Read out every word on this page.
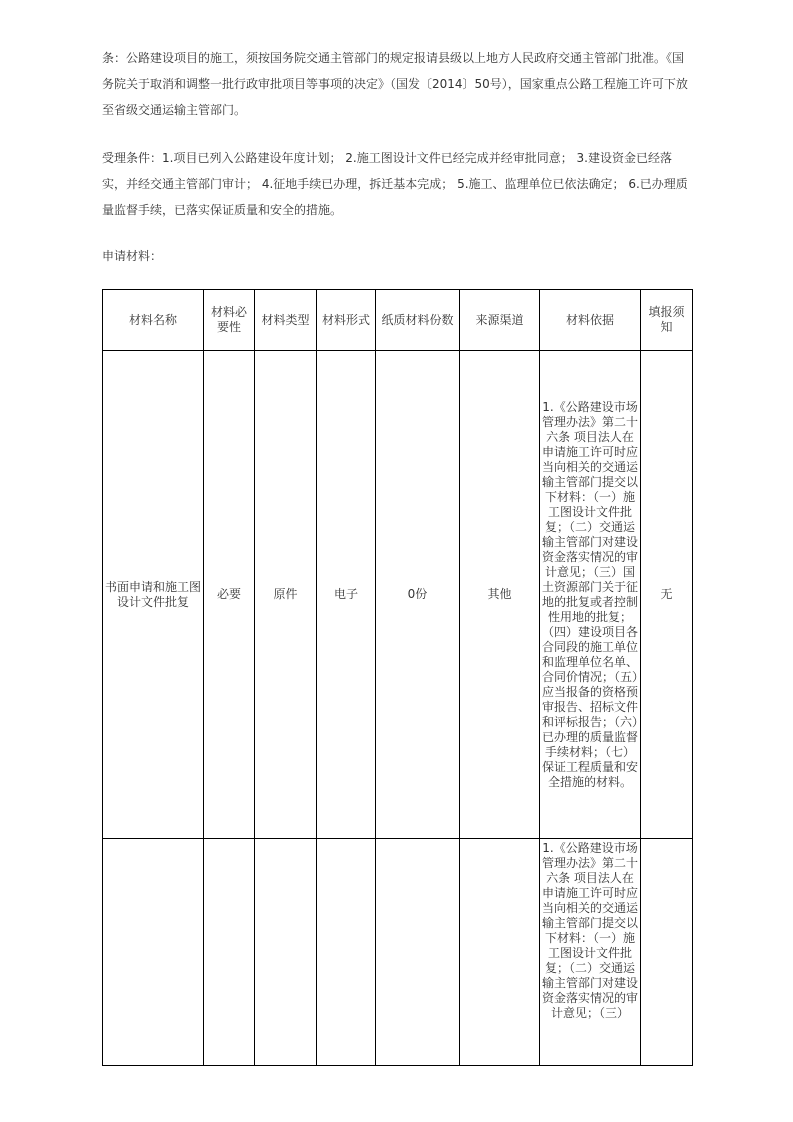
条：公路建设项目的施工，须按国务院交通主管部门的规定报请县级以上地方人民政府交通主管部门批准。《国务院关于取消和调整一批行政审批项目等事项的决定》（国发〔2014〕50号），国家重点公路工程施工许可下放至省级交通运输主管部门。

受理条件：1.项目已列入公路建设年度计划； 2.施工图设计文件已经完成并经审批同意； 3.建设资金已经落实，并经交通主管部门审计； 4.征地手续已办理，拆迁基本完成； 5.施工、监理单位已依法确定； 6.已办理质量监督手续，已落实保证质量和安全的措施。

申请材料：

材料名称	材料必要性	材料类型	材料形式	纸质材料份数	来源渠道	材料依据	填报须知
书面申请和施工图设计文件批复	必要	原件	电子	0份	其他	1.《公路建设市场管理办法》第二十六条 项目法人在申请施工许可时应当向相关的交通运输主管部门提交以下材料：（一）施工图设计文件批复；（二）交通运输主管部门对建设资金落实情况的审计意见；（三）国土资源部门关于征地的批复或者控制性用地的批复；（四）建设项目各合同段的施工单位和监理单位名单、合同价情况；（五）应当报备的资格预审报告、招标文件和评标报告；（六）已办理的质量监督手续材料；（七）保证工程质量和安全措施的材料。	无
						1.《公路建设市场管理办法》第二十六条 项目法人在申请施工许可时应当向相关的交通运输主管部门提交以下材料：（一）施工图设计文件批复；（二）交通运输主管部门对建设资金落实情况的审计意见；（三）	
